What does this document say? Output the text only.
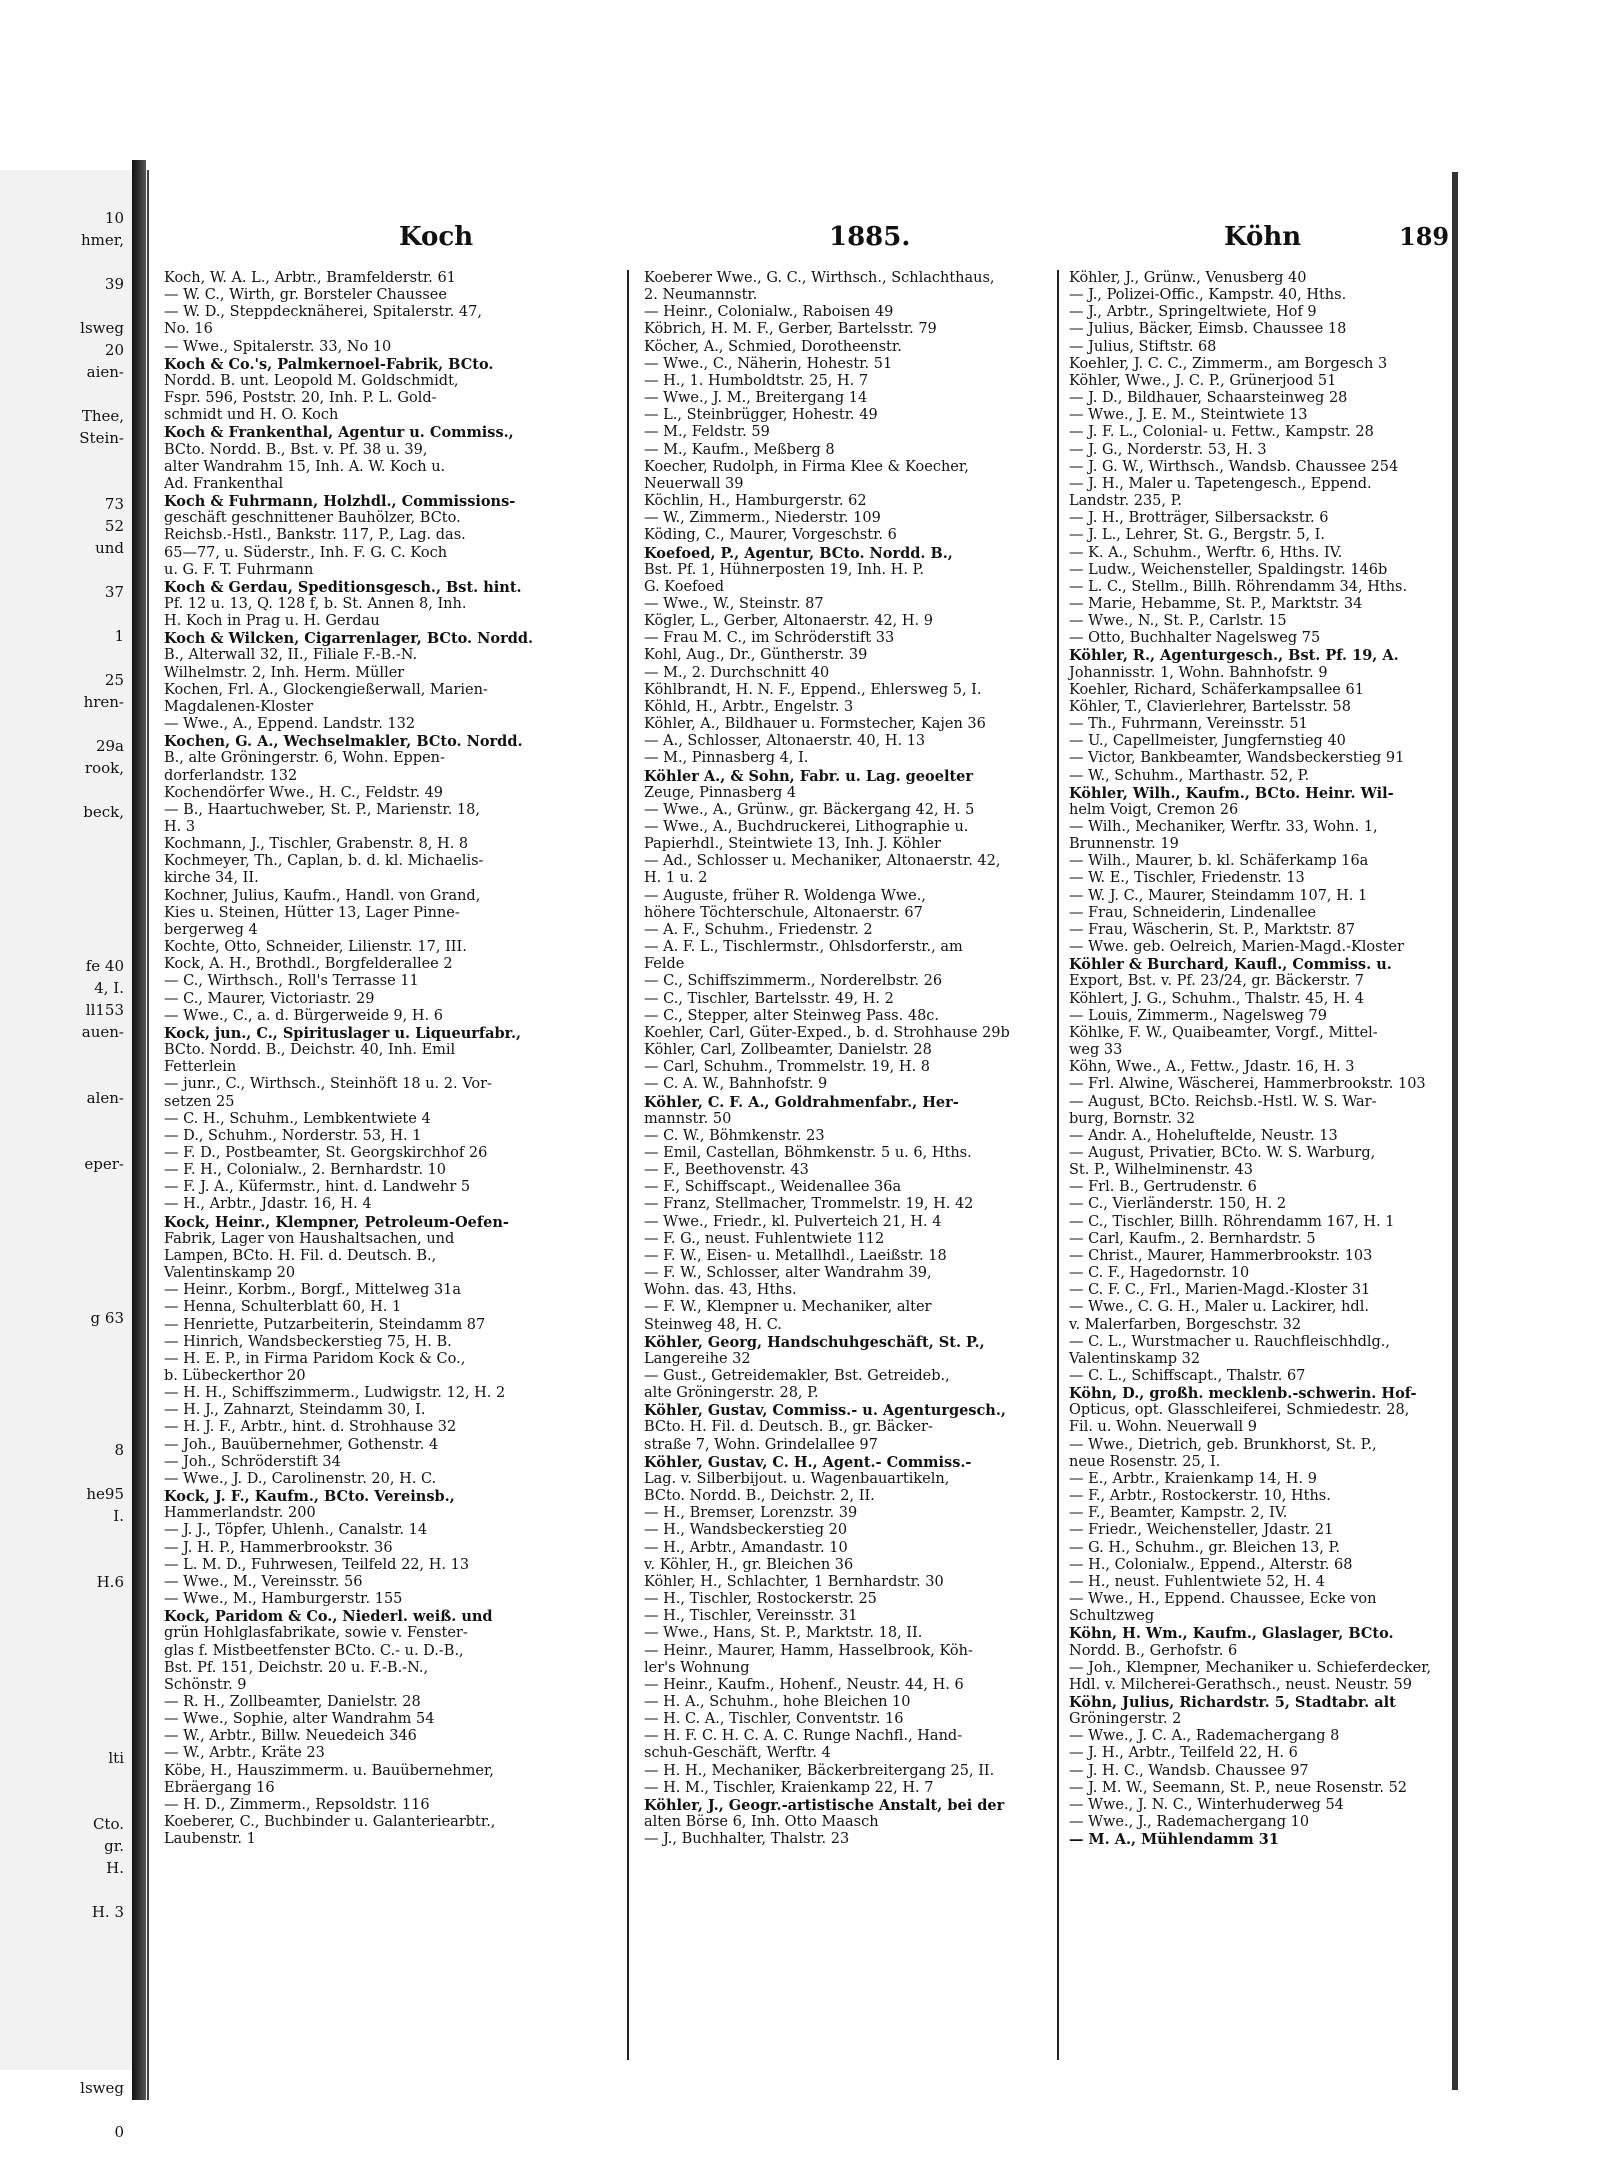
10
hmer,
39
lsweg
20
aien-
Thee,
Stein-
73
52
und
37
1
25
hren-
29a
rook,
beck,
fe 40
4, I.
ll153
auen-
alen-
eper-
g 63
8
he95
I.
H.6
lti
Cto.
gr.
H.
H. 3
lsweg
0
Koch	1885.	Köhn	189
Koch, W. A. L., Arbtr., Bramfelderstr. 61
— W. C., Wirth, gr. Borsteler Chaussee
— W. D., Steppdecknäherei, Spitalerstr. 47,
No. 16
— Wwe., Spitalerstr. 33, No 10
Koch & Co.'s, Palmkernoel-Fabrik, BCto.
Nordd. B. unt. Leopold M. Goldschmidt,
Fspr. 596, Poststr. 20, Inh. P. L. Gold-
schmidt und H. O. Koch
Koch & Frankenthal, Agentur u. Commiss.,
BCto. Nordd. B., Bst. v. Pf. 38 u. 39,
alter Wandrahm 15, Inh. A. W. Koch u.
Ad. Frankenthal
Koch & Fuhrmann, Holzhdl., Commissions-
geschäft geschnittener Bauhölzer, BCto.
Reichsb.-Hstl., Bankstr. 117, P., Lag. das.
65—77, u. Süderstr., Inh. F. G. C. Koch
u. G. F. T. Fuhrmann
Koch & Gerdau, Speditionsgesch., Bst. hint.
Pf. 12 u. 13, Q. 128 f, b. St. Annen 8, Inh.
H. Koch in Prag u. H. Gerdau
Koch & Wilcken, Cigarrenlager, BCto. Nordd.
B., Alterwall 32, II., Filiale F.-B.-N.
Wilhelmstr. 2, Inh. Herm. Müller
Kochen, Frl. A., Glockengießerwall, Marien-
Magdalenen-Kloster
— Wwe., A., Eppend. Landstr. 132
Kochen, G. A., Wechselmakler, BCto. Nordd.
B., alte Gröningerstr. 6, Wohn. Eppen-
dorferlandstr. 132
Kochendörfer Wwe., H. C., Feldstr. 49
— B., Haartuchweber, St. P., Marienstr. 18,
H. 3
Kochmann, J., Tischler, Grabenstr. 8, H. 8
Kochmeyer, Th., Caplan, b. d. kl. Michaelis-
kirche 34, II.
Kochner, Julius, Kaufm., Handl. von Grand,
Kies u. Steinen, Hütter 13, Lager Pinne-
bergerweg 4
Kochte, Otto, Schneider, Lilienstr. 17, III.
Kock, A. H., Brothdl., Borgfelderallee 2
— C., Wirthsch., Roll's Terrasse 11
— C., Maurer, Victoriastr. 29
— Wwe., C., a. d. Bürgerweide 9, H. 6
Kock, jun., C., Spirituslager u. Liqueurfabr.,
BCto. Nordd. B., Deichstr. 40, Inh. Emil
Fetterlein
— junr., C., Wirthsch., Steinhöft 18 u. 2. Vor-
setzen 25
— C. H., Schuhm., Lembkentwiete 4
— D., Schuhm., Norderstr. 53, H. 1
— F. D., Postbeamter, St. Georgskirchhof 26
— F. H., Colonialw., 2. Bernhardstr. 10
— F. J. A., Küfermstr., hint. d. Landwehr 5
— H., Arbtr., Jdastr. 16, H. 4
Kock, Heinr., Klempner, Petroleum-Oefen-
Fabrik, Lager von Haushaltsachen, und
Lampen, BCto. H. Fil. d. Deutsch. B.,
Valentinskamp 20
— Heinr., Korbm., Borgf., Mittelweg 31a
— Henna, Schulterblatt 60, H. 1
— Henriette, Putzarbeiterin, Steindamm 87
— Hinrich, Wandsbeckerstieg 75, H. B.
— H. E. P., in Firma Paridom Kock & Co.,
b. Lübeckerthor 20
— H. H., Schiffszimmerm., Ludwigstr. 12, H. 2
— H. J., Zahnarzt, Steindamm 30, I.
— H. J. F., Arbtr., hint. d. Strohhause 32
— Joh., Bauübernehmer, Gothenstr. 4
— Joh., Schröderstift 34
— Wwe., J. D., Carolinenstr. 20, H. C.
Kock, J. F., Kaufm., BCto. Vereinsb.,
Hammerlandstr. 200
— J. J., Töpfer, Uhlenh., Canalstr. 14
— J. H. P., Hammerbrookstr. 36
— L. M. D., Fuhrwesen, Teilfeld 22, H. 13
— Wwe., M., Vereinsstr. 56
— Wwe., M., Hamburgerstr. 155
Kock, Paridom & Co., Niederl. weiß. und
grün Hohlglasfabrikate, sowie v. Fenster-
glas f. Mistbeetfenster BCto. C.- u. D.-B.,
Bst. Pf. 151, Deichstr. 20 u. F.-B.-N.,
Schönstr. 9
— R. H., Zollbeamter, Danielstr. 28
— Wwe., Sophie, alter Wandrahm 54
— W., Arbtr., Billw. Neuedeich 346
— W., Arbtr., Kräte 23
Köbe, H., Hauszimmerm. u. Bauübernehmer,
Ebräergang 16
— H. D., Zimmerm., Repsoldstr. 116
Koeberer, C., Buchbinder u. Galanteriearbtr.,
Laubenstr. 1
Koeberer Wwe., G. C., Wirthsch., Schlachthaus,
2. Neumannstr.
— Heinr., Colonialw., Raboisen 49
Köbrich, H. M. F., Gerber, Bartelsstr. 79
Köcher, A., Schmied, Dorotheenstr.
— Wwe., C., Näherin, Hohestr. 51
— H., 1. Humboldtstr. 25, H. 7
— Wwe., J. M., Breitergang 14
— L., Steinbrügger, Hohestr. 49
— M., Feldstr. 59
— M., Kaufm., Meßberg 8
Koecher, Rudolph, in Firma Klee & Koecher,
Neuerwall 39
Köchlin, H., Hamburgerstr. 62
— W., Zimmerm., Niederstr. 109
Köding, C., Maurer, Vorgeschstr. 6
Koefoed, P., Agentur, BCto. Nordd. B.,
Bst. Pf. 1, Hühnerposten 19, Inh. H. P.
G. Koefoed
— Wwe., W., Steinstr. 87
Kögler, L., Gerber, Altonaerstr. 42, H. 9
— Frau M. C., im Schröderstift 33
Kohl, Aug., Dr., Güntherstr. 39
— M., 2. Durchschnitt 40
Köhlbrandt, H. N. F., Eppend., Ehlersweg 5, I.
Köhld, H., Arbtr., Engelstr. 3
Köhler, A., Bildhauer u. Formstecher, Kajen 36
— A., Schlosser, Altonaerstr. 40, H. 13
— M., Pinnasberg 4, I.
Köhler A., & Sohn, Fabr. u. Lag. geoelter
Zeuge, Pinnasberg 4
— Wwe., A., Grünw., gr. Bäckergang 42, H. 5
— Wwe., A., Buchdruckerei, Lithographie u.
Papierhdl., Steintwiete 13, Inh. J. Köhler
— Ad., Schlosser u. Mechaniker, Altonaerstr. 42,
H. 1 u. 2
— Auguste, früher R. Woldenga Wwe.,
höhere Töchterschule, Altonaerstr. 67
— A. F., Schuhm., Friedenstr. 2
— A. F. L., Tischlermstr., Ohlsdorferstr., am
Felde
— C., Schiffszimmerm., Norderelbstr. 26
— C., Tischler, Bartelsstr. 49, H. 2
— C., Stepper, alter Steinweg Pass. 48c.
Koehler, Carl, Güter-Exped., b. d. Strohhause 29b
Köhler, Carl, Zollbeamter, Danielstr. 28
— Carl, Schuhm., Trommelstr. 19, H. 8
— C. A. W., Bahnhofstr. 9
Köhler, C. F. A., Goldrahmenfabr., Her-
mannstr. 50
— C. W., Böhmkenstr. 23
— Emil, Castellan, Böhmkenstr. 5 u. 6, Hths.
— F., Beethovenstr. 43
— F., Schiffscapt., Weidenallee 36a
— Franz, Stellmacher, Trommelstr. 19, H. 42
— Wwe., Friedr., kl. Pulverteich 21, H. 4
— F. G., neust. Fuhlentwiete 112
— F. W., Eisen- u. Metallhdl., Laeißstr. 18
— F. W., Schlosser, alter Wandrahm 39,
Wohn. das. 43, Hths.
— F. W., Klempner u. Mechaniker, alter
Steinweg 48, H. C.
Köhler, Georg, Handschuhgeschäft, St. P.,
Langereihe 32
— Gust., Getreidemakler, Bst. Getreideb.,
alte Gröningerstr. 28, P.
Köhler, Gustav, Commiss.- u. Agenturgesch.,
BCto. H. Fil. d. Deutsch. B., gr. Bäcker-
straße 7, Wohn. Grindelallee 97
Köhler, Gustav, C. H., Agent.- Commiss.-
Lag. v. Silberbijout. u. Wagenbauartikeln,
BCto. Nordd. B., Deichstr. 2, II.
— H., Bremser, Lorenzstr. 39
— H., Wandsbeckerstieg 20
— H., Arbtr., Amandastr. 10
v. Köhler, H., gr. Bleichen 36
Köhler, H., Schlachter, 1 Bernhardstr. 30
— H., Tischler, Rostockerstr. 25
— H., Tischler, Vereinsstr. 31
— Wwe., Hans, St. P., Marktstr. 18, II.
— Heinr., Maurer, Hamm, Hasselbrook, Köh-
ler's Wohnung
— Heinr., Kaufm., Hohenf., Neustr. 44, H. 6
— H. A., Schuhm., hohe Bleichen 10
— H. C. A., Tischler, Conventstr. 16
— H. F. C. H. C. A. C. Runge Nachfl., Hand-
schuh-Geschäft, Werftr. 4
— H. H., Mechaniker, Bäckerbreitergang 25, II.
— H. M., Tischler, Kraienkamp 22, H. 7
Köhler, J., Geogr.-artistische Anstalt, bei der
alten Börse 6, Inh. Otto Maasch
— J., Buchhalter, Thalstr. 23
Köhler, J., Grünw., Venusberg 40
— J., Polizei-Offic., Kampstr. 40, Hths.
— J., Arbtr., Springeltwiete, Hof 9
— Julius, Bäcker, Eimsb. Chaussee 18
— Julius, Stiftstr. 68
Koehler, J. C. C., Zimmerm., am Borgesch 3
Köhler, Wwe., J. C. P., Grünerjood 51
— J. D., Bildhauer, Schaarsteinweg 28
— Wwe., J. E. M., Steintwiete 13
— J. F. L., Colonial- u. Fettw., Kampstr. 28
— J. G., Norderstr. 53, H. 3
— J. G. W., Wirthsch., Wandsb. Chaussee 254
— J. H., Maler u. Tapetengesch., Eppend.
Landstr. 235, P.
— J. H., Brotträger, Silbersackstr. 6
— J. L., Lehrer, St. G., Bergstr. 5, I.
— K. A., Schuhm., Werftr. 6, Hths. IV.
— Ludw., Weichensteller, Spaldingstr. 146b
— L. C., Stellm., Billh. Röhrendamm 34, Hths.
— Marie, Hebamme, St. P., Marktstr. 34
— Wwe., N., St. P., Carlstr. 15
— Otto, Buchhalter Nagelsweg 75
Köhler, R., Agenturgesch., Bst. Pf. 19, A.
Johannisstr. 1, Wohn. Bahnhofstr. 9
Koehler, Richard, Schäferkampsallee 61
Köhler, T., Clavierlehrer, Bartelsstr. 58
— Th., Fuhrmann, Vereinsstr. 51
— U., Capellmeister, Jungfernstieg 40
— Victor, Bankbeamter, Wandsbeckerstieg 91
— W., Schuhm., Marthastr. 52, P.
Köhler, Wilh., Kaufm., BCto. Heinr. Wil-
helm Voigt, Cremon 26
— Wilh., Mechaniker, Werftr. 33, Wohn. 1,
Brunnenstr. 19
— Wilh., Maurer, b. kl. Schäferkamp 16a
— W. E., Tischler, Friedenstr. 13
— W. J. C., Maurer, Steindamm 107, H. 1
— Frau, Schneiderin, Lindenallee
— Frau, Wäscherin, St. P., Marktstr. 87
— Wwe. geb. Oelreich, Marien-Magd.-Kloster
Köhler & Burchard, Kaufl., Commiss. u.
Export, Bst. v. Pf. 23/24, gr. Bäckerstr. 7
Köhlert, J. G., Schuhm., Thalstr. 45, H. 4
— Louis, Zimmerm., Nagelsweg 79
Köhlke, F. W., Quaibeamter, Vorgf., Mittel-
weg 33
Köhn, Wwe., A., Fettw., Jdastr. 16, H. 3
— Frl. Alwine, Wäscherei, Hammerbrookstr. 103
— August, BCto. Reichsb.-Hstl. W. S. War-
burg, Bornstr. 32
— Andr. A., Hoheluftelde, Neustr. 13
— August, Privatier, BCto. W. S. Warburg,
St. P., Wilhelminenstr. 43
— Frl. B., Gertrudenstr. 6
— C., Vierländerstr. 150, H. 2
— C., Tischler, Billh. Röhrendamm 167, H. 1
— Carl, Kaufm., 2. Bernhardstr. 5
— Christ., Maurer, Hammerbrookstr. 103
— C. F., Hagedornstr. 10
— C. F. C., Frl., Marien-Magd.-Kloster 31
— Wwe., C. G. H., Maler u. Lackirer, hdl.
v. Malerfarben, Borgeschstr. 32
— C. L., Wurstmacher u. Rauchfleischhdlg.,
Valentinskamp 32
— C. L., Schiffscapt., Thalstr. 67
Köhn, D., großh. mecklenb.-schwerin. Hof-
Opticus, opt. Glasschleiferei, Schmiedestr. 28,
Fil. u. Wohn. Neuerwall 9
— Wwe., Dietrich, geb. Brunkhorst, St. P.,
neue Rosenstr. 25, I.
— E., Arbtr., Kraienkamp 14, H. 9
— F., Arbtr., Rostockerstr. 10, Hths.
— F., Beamter, Kampstr. 2, IV.
— Friedr., Weichensteller, Jdastr. 21
— G. H., Schuhm., gr. Bleichen 13, P.
— H., Colonialw., Eppend., Alterstr. 68
— H., neust. Fuhlentwiete 52, H. 4
— Wwe., H., Eppend. Chaussee, Ecke von
Schultzweg
Köhn, H. Wm., Kaufm., Glaslager, BCto.
Nordd. B., Gerhofstr. 6
— Joh., Klempner, Mechaniker u. Schieferdecker,
Hdl. v. Milcherei-Gerathsch., neust. Neustr. 59
Köhn, Julius, Richardstr. 5, Stadtabr. alt
Gröningerstr. 2
— Wwe., J. C. A., Rademachergang 8
— J. H., Arbtr., Teilfeld 22, H. 6
— J. H. C., Wandsb. Chaussee 97
— J. M. W., Seemann, St. P., neue Rosenstr. 52
— Wwe., J. N. C., Winterhuderweg 54
— Wwe., J., Rademachergang 10
— M. A., Mühlendamm 31
